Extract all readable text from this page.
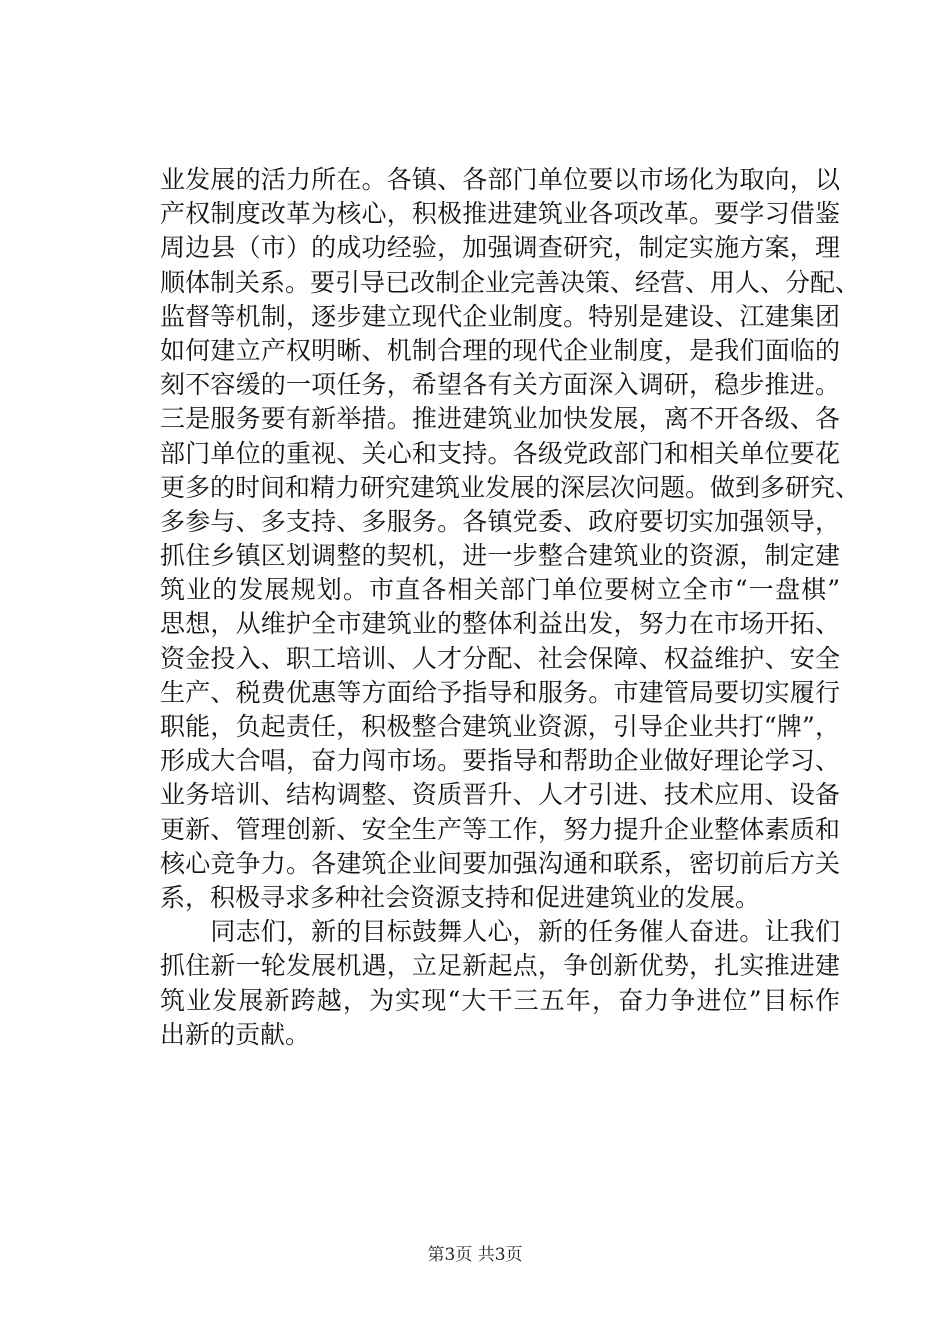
业发展的活力所在。各镇、各部门单位要以市场化为取向，以
产权制度改革为核心，积极推进建筑业各项改革。要学习借鉴
周边县（市）的成功经验，加强调查研究，制定实施方案，理
顺体制关系。要引导已改制企业完善决策、经营、用人、分配、
监督等机制，逐步建立现代企业制度。特别是建设、江建集团
如何建立产权明晰、机制合理的现代企业制度，是我们面临的
刻不容缓的一项任务，希望各有关方面深入调研，稳步推进。
三是服务要有新举措。推进建筑业加快发展，离不开各级、各
部门单位的重视、关心和支持。各级党政部门和相关单位要花
更多的时间和精力研究建筑业发展的深层次问题。做到多研究、
多参与、多支持、多服务。各镇党委、政府要切实加强领导，
抓住乡镇区划调整的契机，进一步整合建筑业的资源，制定建
筑业的发展规划。市直各相关部门单位要树立全市“一盘棋”
思想，从维护全市建筑业的整体利益出发，努力在市场开拓、
资金投入、职工培训、人才分配、社会保障、权益维护、安全
生产、税费优惠等方面给予指导和服务。市建管局要切实履行
职能，负起责任，积极整合建筑业资源，引导企业共打“牌”，
形成大合唱，奋力闯市场。要指导和帮助企业做好理论学习、
业务培训、结构调整、资质晋升、人才引进、技术应用、设备
更新、管理创新、安全生产等工作，努力提升企业整体素质和
核心竞争力。各建筑企业间要加强沟通和联系，密切前后方关
系，积极寻求多种社会资源支持和促进建筑业的发展。
　　同志们，新的目标鼓舞人心，新的任务催人奋进。让我们
抓住新一轮发展机遇，立足新起点，争创新优势，扎实推进建
筑业发展新跨越，为实现“大干三五年，奋力争进位”目标作
出新的贡献。
第3页 共3页
